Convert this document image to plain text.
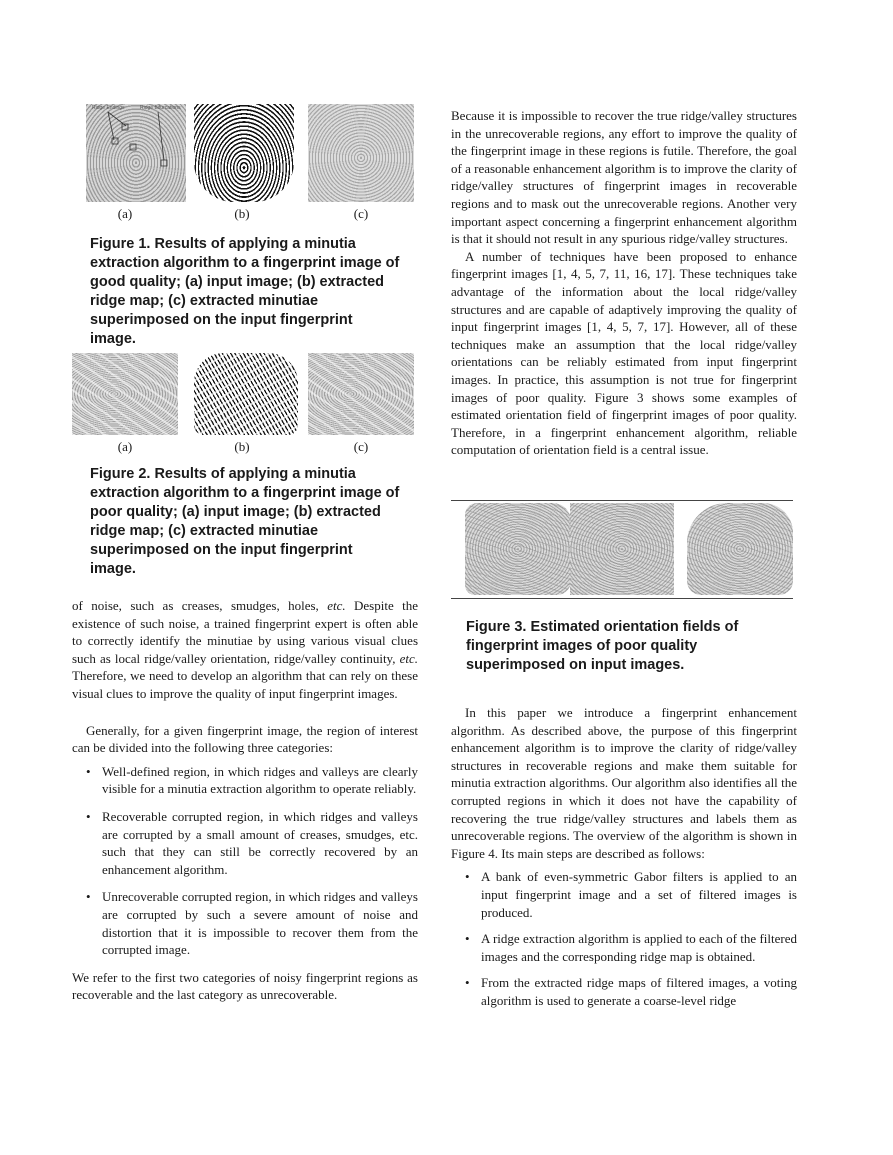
Ridge Endings	Ridge Bifurcations
(a)	(b)	(c)
Figure 1. Results of applying a minutia extraction algorithm to a fingerprint image of good quality; (a) input image; (b) extracted ridge map; (c) extracted minutiae superimposed on the input fingerprint image.
(a)	(b)	(c)
Figure 2. Results of applying a minutia extraction algorithm to a fingerprint image of poor quality; (a) input image; (b) extracted ridge map; (c) extracted minutiae superimposed on the input fingerprint image.

of noise, such as creases, smudges, holes, etc. Despite the existence of such noise, a trained fingerprint expert is often able to correctly identify the minutiae by using various visual clues such as local ridge/valley orientation, ridge/valley continuity, etc. Therefore, we need to develop an algorithm that can rely on these visual clues to improve the quality of input fingerprint images.

Generally, for a given fingerprint image, the region of interest can be divided into the following three categories:

• Well-defined region, in which ridges and valleys are clearly visible for a minutia extraction algorithm to operate reliably.
• Recoverable corrupted region, in which ridges and valleys are corrupted by a small amount of creases, smudges, etc. such that they can still be correctly recovered by an enhancement algorithm.
• Unrecoverable corrupted region, in which ridges and valleys are corrupted by such a severe amount of noise and distortion that it is impossible to recover them from the corrupted image.

We refer to the first two categories of noisy fingerprint regions as recoverable and the last category as unrecoverable.

Because it is impossible to recover the true ridge/valley structures in the unrecoverable regions, any effort to improve the quality of the fingerprint image in these regions is futile. Therefore, the goal of a reasonable enhancement algorithm is to improve the clarity of ridge/valley structures of fingerprint images in recoverable regions and to mask out the unrecoverable regions. Another very important aspect concerning a fingerprint enhancement algorithm is that it should not result in any spurious ridge/valley structures.

A number of techniques have been proposed to enhance fingerprint images [1, 4, 5, 7, 11, 16, 17]. These techniques take advantage of the information about the local ridge/valley structures and are capable of adaptively improving the quality of input fingerprint images [1, 4, 5, 7, 17]. However, all of these techniques make an assumption that the local ridge/valley orientations can be reliably estimated from input fingerprint images. In practice, this assumption is not true for fingerprint images of poor quality. Figure 3 shows some examples of estimated orientation field of fingerprint images of poor quality. Therefore, in a fingerprint enhancement algorithm, reliable computation of orientation field is a central issue.

Figure 3. Estimated orientation fields of fingerprint images of poor quality superimposed on input images.

In this paper we introduce a fingerprint enhancement algorithm. As described above, the purpose of this fingerprint enhancement algorithm is to improve the clarity of ridge/valley structures in recoverable regions and make them suitable for minutia extraction algorithms. Our algorithm also identifies all the corrupted regions in which it does not have the capability of recovering the true ridge/valley structures and labels them as unrecoverable regions. The overview of the algorithm is shown in Figure 4. Its main steps are described as follows:

• A bank of even-symmetric Gabor filters is applied to an input fingerprint image and a set of filtered images is produced.
• A ridge extraction algorithm is applied to each of the filtered images and the corresponding ridge map is obtained.
• From the extracted ridge maps of filtered images, a voting algorithm is used to generate a coarse-level ridge
